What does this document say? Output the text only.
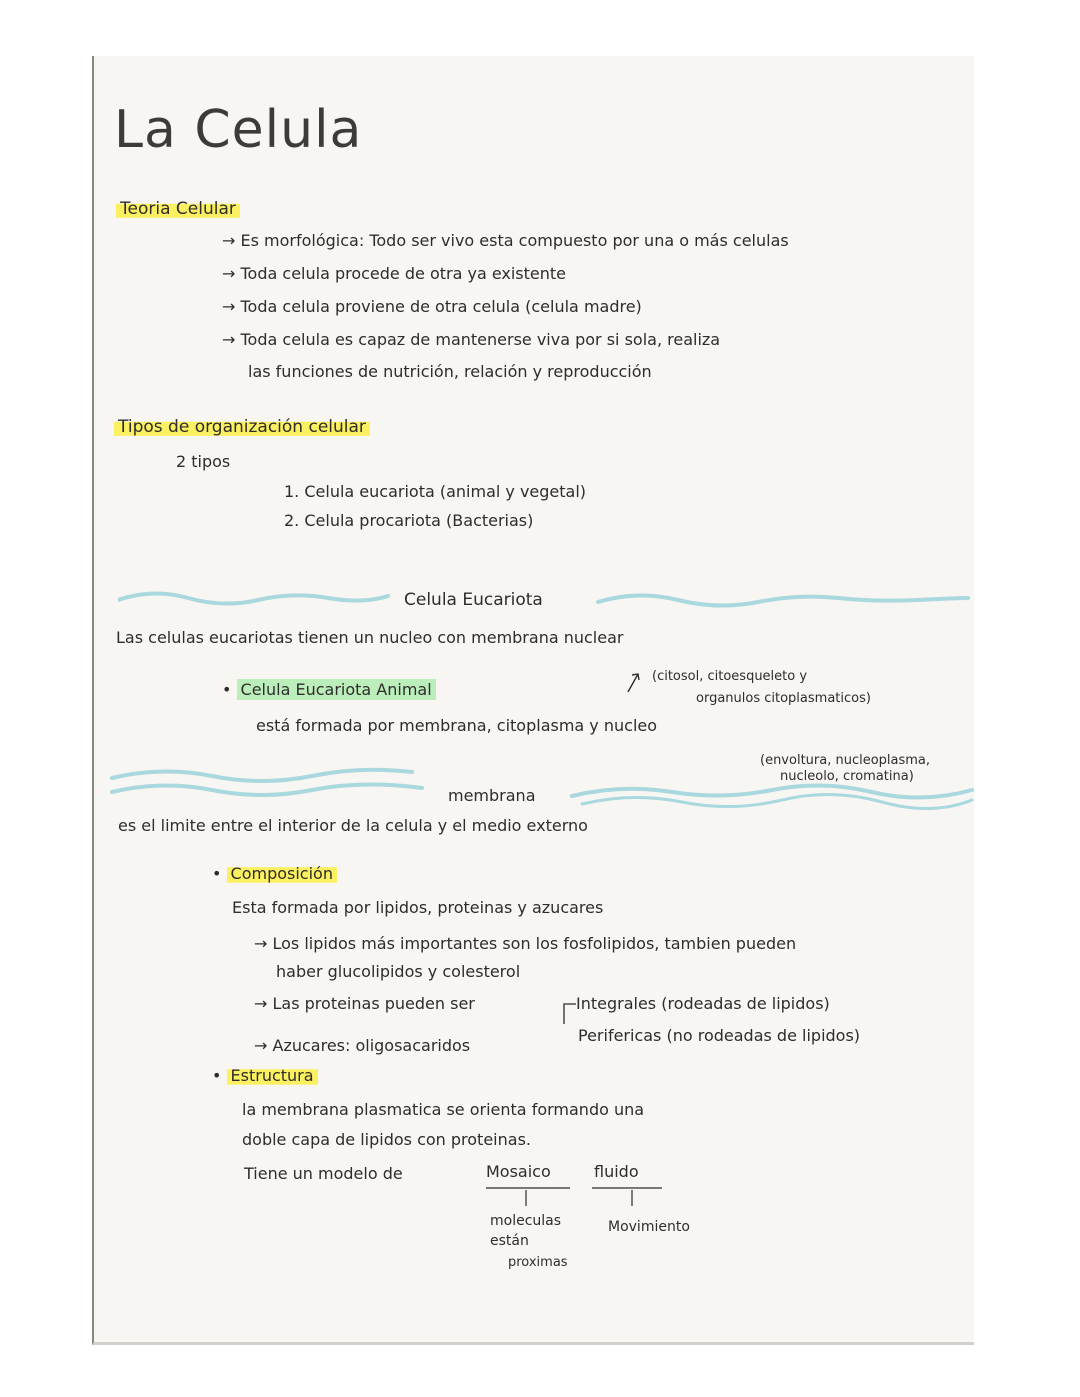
La Celula
Teoria Celular
→ Es morfológica: Todo ser vivo esta compuesto por una o más celulas
→ Toda celula procede de otra ya existente
→ Toda celula proviene de otra celula (celula madre)
→ Toda celula es capaz de mantenerse viva por si sola, realiza
las funciones de nutrición, relación y reproducción
Tipos de organización celular
2 tipos
1. Celula eucariota (animal y vegetal)
2. Celula procariota (Bacterias)
Celula Eucariota
Las celulas eucariotas tienen un nucleo con membrana nuclear
(citosol, citoesqueleto y
organulos citoplasmaticos)
• Celula Eucariota Animal
está formada por membrana, citoplasma y nucleo
(envoltura, nucleoplasma,
nucleolo, cromatina)
membrana
es el limite entre el interior de la celula y el medio externo
• Composición
Esta formada por lipidos, proteinas y azucares
→ Los lipidos más importantes son los fosfolipidos, tambien pueden
haber glucolipidos y colesterol
→ Las proteinas pueden ser	Integrales (rodeadas de lipidos)
Perifericas (no rodeadas de lipidos)
→ Azucares: oligosacaridos
• Estructura
la membrana plasmatica se orienta formando una
doble capa de lipidos con proteinas.
Tiene un modelo de	Mosaico	fluido
moleculas
están
proximas
Movimiento
